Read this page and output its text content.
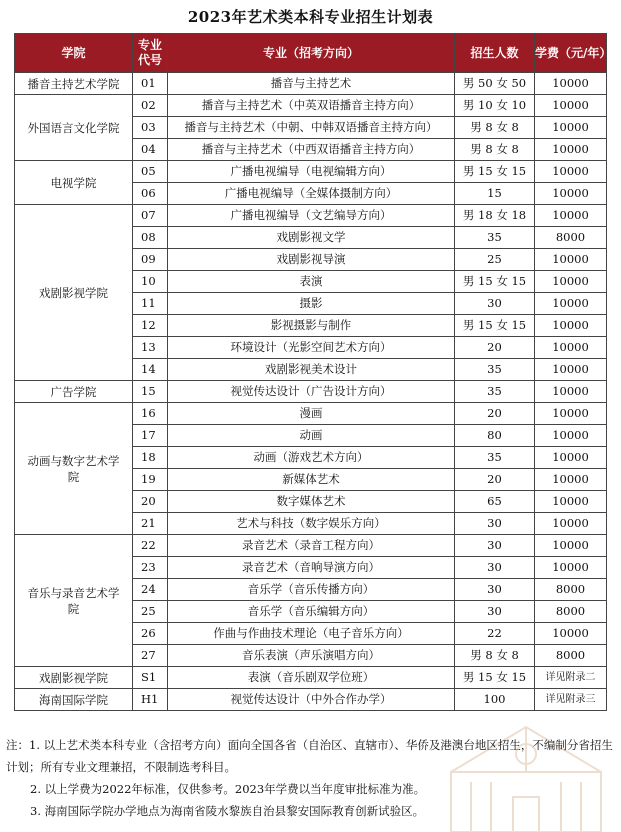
2023年艺术类本科专业招生计划表
学院	专业代号	专业（招考方向）	招生人数	学费（元/年）
播音主持艺术学院	01	播音与主持艺术	男 50 女 50	10000
外国语言文化学院	02	播音与主持艺术（中英双语播音主持方向）	男 10 女 10	10000
	03	播音与主持艺术（中朝、中韩双语播音主持方向）	男 8 女 8	10000
	04	播音与主持艺术（中西双语播音主持方向）	男 8 女 8	10000
电视学院	05	广播电视编导（电视编辑方向）	男 15 女 15	10000
	06	广播电视编导（全媒体摄制方向）	15	10000
戏剧影视学院	07	广播电视编导（文艺编导方向）	男 18 女 18	10000
	08	戏剧影视文学	35	8000
	09	戏剧影视导演	25	10000
	10	表演	男 15 女 15	10000
	11	摄影	30	10000
	12	影视摄影与制作	男 15 女 15	10000
	13	环境设计（光影空间艺术方向）	20	10000
	14	戏剧影视美术设计	35	10000
广告学院	15	视觉传达设计（广告设计方向）	35	10000
动画与数字艺术学院	16	漫画	20	10000
	17	动画	80	10000
	18	动画（游戏艺术方向）	35	10000
	19	新媒体艺术	20	10000
	20	数字媒体艺术	65	10000
	21	艺术与科技（数字娱乐方向）	30	10000
音乐与录音艺术学院	22	录音艺术（录音工程方向）	30	10000
	23	录音艺术（音响导演方向）	30	10000
	24	音乐学（音乐传播方向）	30	8000
	25	音乐学（音乐编辑方向）	30	8000
	26	作曲与作曲技术理论（电子音乐方向）	22	10000
	27	音乐表演（声乐演唱方向）	男 8 女 8	8000
戏剧影视学院	S1	表演（音乐剧双学位班）	男 15 女 15	详见附录二
海南国际学院	H1	视觉传达设计（中外合作办学）	100	详见附录三

注：1. 以上艺术类本科专业（含招考方向）面向全国各省（自治区、直辖市）、华侨及港澳台地区招生，不编制分省招生计划；所有专业文理兼招，不限制选考科目。

2. 以上学费为2022年标准，仅供参考。2023年学费以当年度审批标准为准。

3. 海南国际学院办学地点为海南省陵水黎族自治县黎安国际教育创新试验区。
